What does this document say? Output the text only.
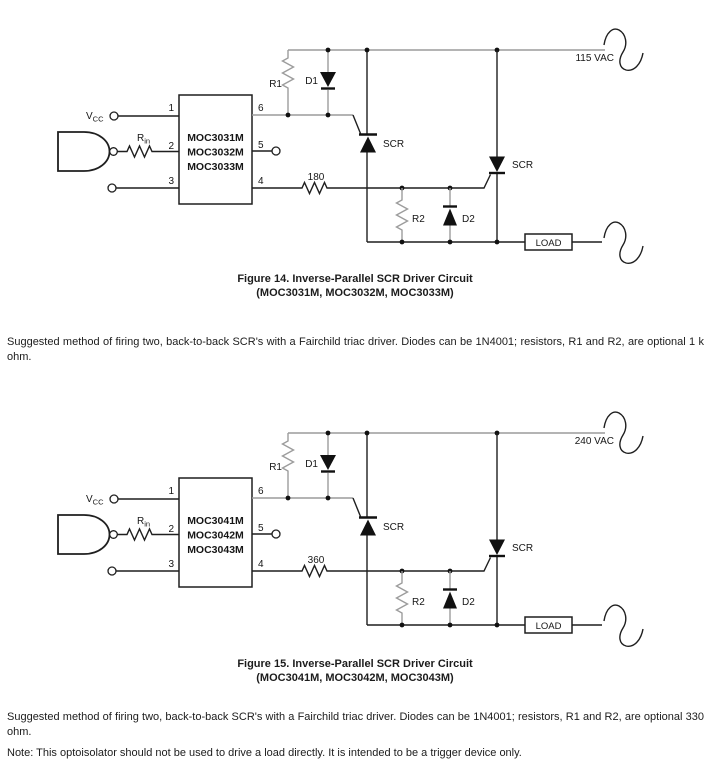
$V_{CC}$
$R_{in}$	MOC3031M
MOC3032M
MOC3033M
1
2
3
6
5
4
R1 D1
SCR
180
R2	D2
SCR
LOAD
115 VAC
Figure 14. Inverse-Parallel SCR Driver Circuit
(MOC3031M, MOC3032M, MOC3033M)
Suggested method of firing two, back-to-back SCR's with a Fairchild triac driver. Diodes can be 1N4001; resistors, R1 and R2, are optional 1 k ohm.
$V_{CC}$
$R_{in}$	MOC3041M
MOC3042M
MOC3043M
1
2
3
6
5
4
R1 D1
SCR
360
R2	D2
SCR
LOAD
240 VAC
Figure 15. Inverse-Parallel SCR Driver Circuit
(MOC3041M, MOC3042M, MOC3043M)
Suggested method of firing two, back-to-back SCR's with a Fairchild triac driver. Diodes can be 1N4001; resistors, R1 and R2, are optional 330 ohm.
Note: This optoisolator should not be used to drive a load directly. It is intended to be a trigger device only.
